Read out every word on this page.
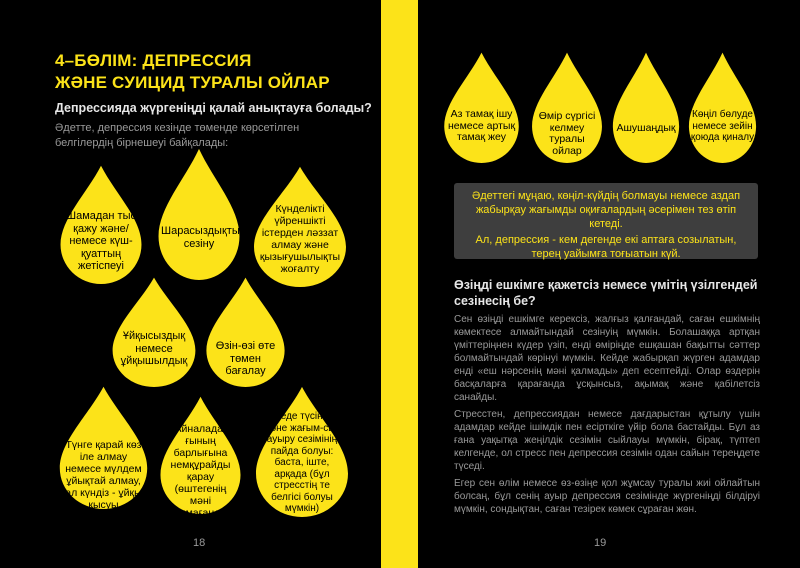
4–БӨЛІМ: ДЕПРЕССИЯ
ЖӘНЕ СУИЦИД ТУРАЛЫ ОЙЛАР
Депрессияда жүргеніңді қалай анықтауға болады?
Әдетте, депрессия кезінде төменде көрсетілген белгілердің бірнешеуі байқалады:
Шамадан тыс қажу және/ немесе күш-қуаттың жетіспеуі
Шарасыздықты сезіну
Күнделікті үйреншікті істерден ләззат алмау және қызығушылықты жоғалту
Ұйқысыздық немесе ұйқышылдық
Өзін-өзі өте төмен бағалау
Түнге қарай көз іле алмау немесе мүлдем ұйықтай алмау, ал күндіз - ұйқы қысуы
Айналада-ғының барлығына немқұрайды қарау (өштегенің мәні қалмағандай сезіну)
Денеде түсініксіз және жағым-сыз ауыру сезімінің пайда болуы: баста, іште, арқада (бұл стресстің те белгісі болуы мүмкін)
18
Аз тамақ ішу немесе артық тамақ жеу
Өмір сүргісі келмеу туралы ойлар
Ашушаңдық
Көңіл бөлуде немесе зейін қоюда қиналу

Әдеттегі мұңаю, көңіл-күйдің болмауы немесе аздап жабырқау жағымды оқиғалардың әсерімен тез өтіп кетеді.

Ал, депрессия - кем дегенде екі аптаға созылатын, терең уайымға тоғыатын күй.

Өзіңді ешкімге қажетсіз немесе үмітің үзілгендей
сезінесің бе?

Сен өзіңді ешкімге керексіз, жалғыз қалғандай, саған ешкімнің көмектесе алмайтындай сезінуің мүмкін. Болашаққа артқан үміттеріңнен күдер үзіп, енді өміріңде ешқашан бақытты сәттер болмайтындай көрінуі мүмкін. Кейде жабырқап жүрген адамдар енді «еш нәрсенің мәні қалмады» деп есептейді. Олар өздерін басқаларға қарағанда ұсқынсыз, ақымақ және қабілетсіз санайды.

Стресстен, депрессиядан немесе дағдарыстан құтылу үшін адамдар кейде ішімдік пен есірткіге үйір бола бастайды. Бұл аз ғана уақытқа жеңілдік сезімін сыйлауы мүмкін, бірақ, түптеп келгенде, ол стресс пен депрессия сезімін одан сайын тереңдете түседі.

Егер сен өлім немесе өз-өзіңе қол жұмсау туралы жиі ойлайтын болсаң, бұл сенің ауыр депрессия сезімінде жүргеніңді білдіруі мүмкін, сондықтан, саған тезірек көмек сұраған жөн.

19
